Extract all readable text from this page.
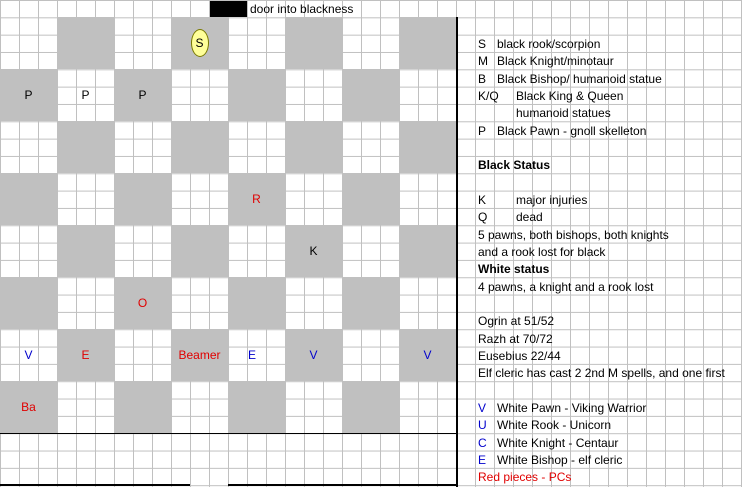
door into blackness
S
P	P	P
R
K
O
V	E	Beamer E	V	V
Ba
S black rook/scorpion
M Black Knight/minotaur
B Black Bishop/ humanoid statue
K/Q Black King & Queen
humanoid statues
P Black Pawn - gnoll skelleton
Black Status
K major injuries
Q dead
5 pawns, both bishops, both knights
and a rook lost for black
White status
4 pawns, a knight and a rook lost
Ogrin at 51/52
Razh at 70/72
Eusebius 22/44
Elf cleric has cast 2 2nd M spells, and one first
V White Pawn - Viking Warrior
U White Rook - Unicorn
C White Knight - Centaur
E White Bishop - elf cleric
Red pieces - PCs
